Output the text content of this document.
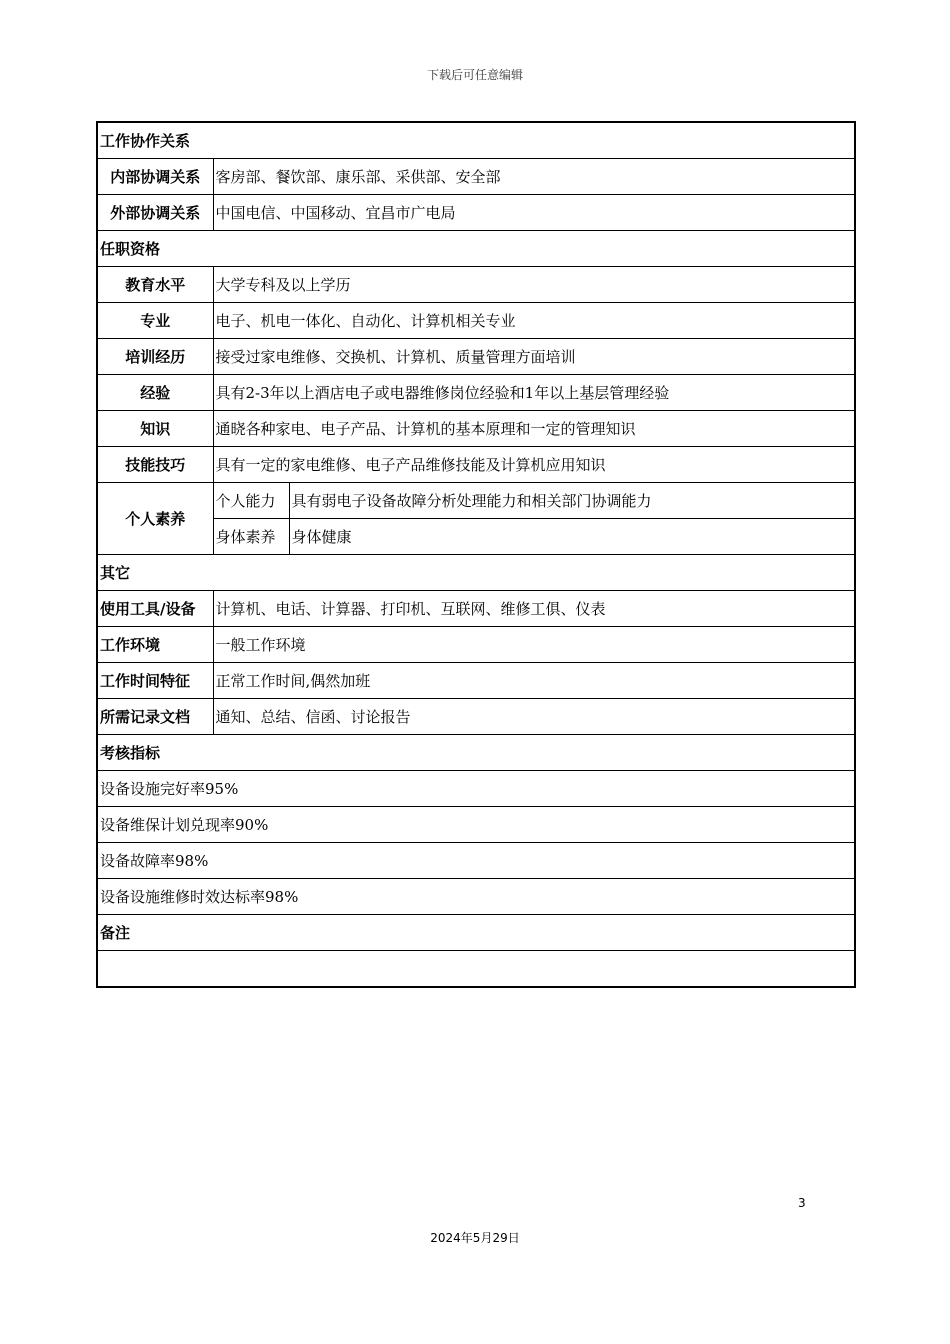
下载后可任意编辑
工作协作关系		
内部协调关系	客房部、餐饮部、康乐部、采供部、安全部	
外部协调关系	中国电信、中国移动、宜昌市广电局	
任职资格		
教育水平	大学专科及以上学历	
专业	电子、机电一体化、自动化、计算机相关专业	
培训经历	接受过家电维修、交换机、计算机、质量管理方面培训	
经验	具有2-3年以上酒店电子或电器维修岗位经验和1年以上基层管理经验	
知识	通晓各种家电、电子产品、计算机的基本原理和一定的管理知识	
技能技巧	具有一定的家电维修、电子产品维修技能及计算机应用知识	
个人素养	个人能力	具有弱电子设备故障分析处理能力和相关部门协调能力
	身体素养	身体健康
其它		
使用工具/设备	计算机、电话、计算器、打印机、互联网、维修工俱、仪表	
工作环境	一般工作环境	
工作时间特征	正常工作时间,偶然加班	
所需记录文档	通知、总结、信函、讨论报告	
考核指标		
设备设施完好率95%		
设备维保计划兑现率90%		
设备故障率98%		
设备设施维修时效达标率98%		
备注		

3
2024年5月29日
